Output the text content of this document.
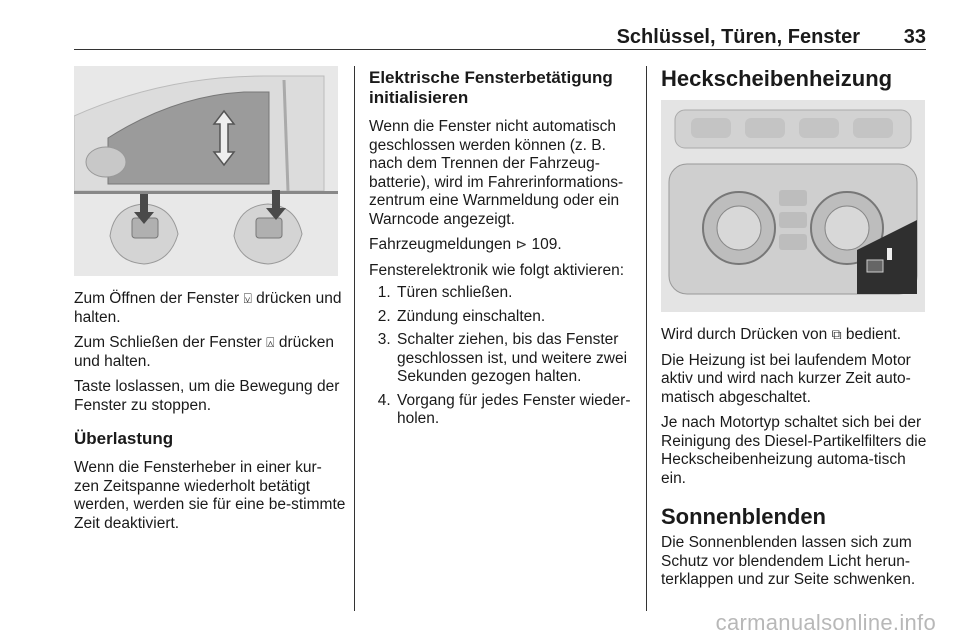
Schlüssel, Türen, Fenster 33

Zum Öffnen der Fenster ⍌ drücken und halten.

Zum Schließen der Fenster ⍓ drücken und halten.

Taste loslassen, um die Bewegung der Fenster zu stoppen.

Überlastung

Wenn die Fensterheber in einer kur-zen Zeitspanne wiederholt betätigt werden, werden sie für eine be-stimmte Zeit deaktiviert.

Elektrische Fensterbetätigung initialisieren

Wenn die Fenster nicht automatisch geschlossen werden können (z. B. nach dem Trennen der Fahrzeug-batterie), wird im Fahrerinformations-zentrum eine Warnmeldung oder ein Warncode angezeigt.

Fahrzeugmeldungen ⊳ 109.

Fensterelektronik wie folgt aktivieren:

1. Türen schließen.
2. Zündung einschalten.
3. Schalter ziehen, bis das Fenster geschlossen ist, und weitere zwei Sekunden gezogen halten.
4. Vorgang für jedes Fenster wieder-holen.
Heckscheibenheizung

Wird durch Drücken von ⧉ bedient.

Die Heizung ist bei laufendem Motor aktiv und wird nach kurzer Zeit auto-matisch abgeschaltet.

Je nach Motortyp schaltet sich bei der Reinigung des Diesel-Partikelfilters die Heckscheibenheizung automa-tisch ein.

Sonnenblenden

Die Sonnenblenden lassen sich zum Schutz vor blendendem Licht herun-terklappen und zur Seite schwenken.

carmanualsonline.info
